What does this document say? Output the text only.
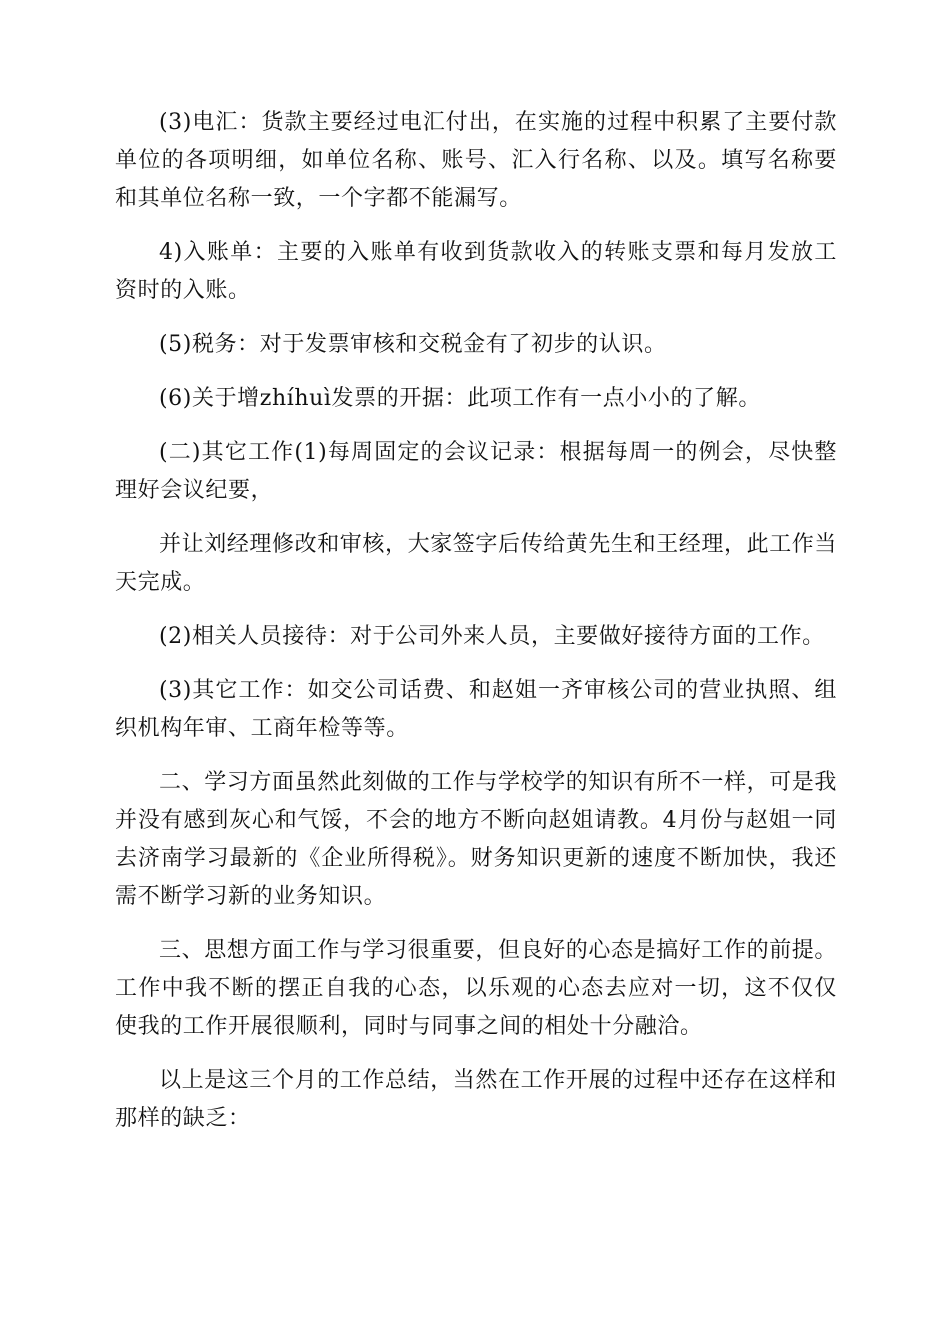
(3)电汇：货款主要经过电汇付出，在实施的过程中积累了主要付款单位的各项明细，如单位名称、账号、汇入行名称、以及。填写名称要和其单位名称一致，一个字都不能漏写。

4)入账单：主要的入账单有收到货款收入的转账支票和每月发放工资时的入账。

(5)税务：对于发票审核和交税金有了初步的认识。

(6)关于增zhíhuì发票的开据：此项工作有一点小小的了解。

(二)其它工作(1)每周固定的会议记录：根据每周一的例会，尽快整理好会议纪要，

并让刘经理修改和审核，大家签字后传给黄先生和王经理，此工作当天完成。

(2)相关人员接待：对于公司外来人员，主要做好接待方面的工作。

(3)其它工作：如交公司话费、和赵姐一齐审核公司的营业执照、组织机构年审、工商年检等等。

二、学习方面虽然此刻做的工作与学校学的知识有所不一样，可是我并没有感到灰心和气馁，不会的地方不断向赵姐请教。4月份与赵姐一同去济南学习最新的《企业所得税》。财务知识更新的速度不断加快，我还需不断学习新的业务知识。

三、思想方面工作与学习很重要，但良好的心态是搞好工作的前提。工作中我不断的摆正自我的心态，以乐观的心态去应对一切，这不仅仅使我的工作开展很顺利，同时与同事之间的相处十分融洽。

以上是这三个月的工作总结，当然在工作开展的过程中还存在这样和那样的缺乏：
